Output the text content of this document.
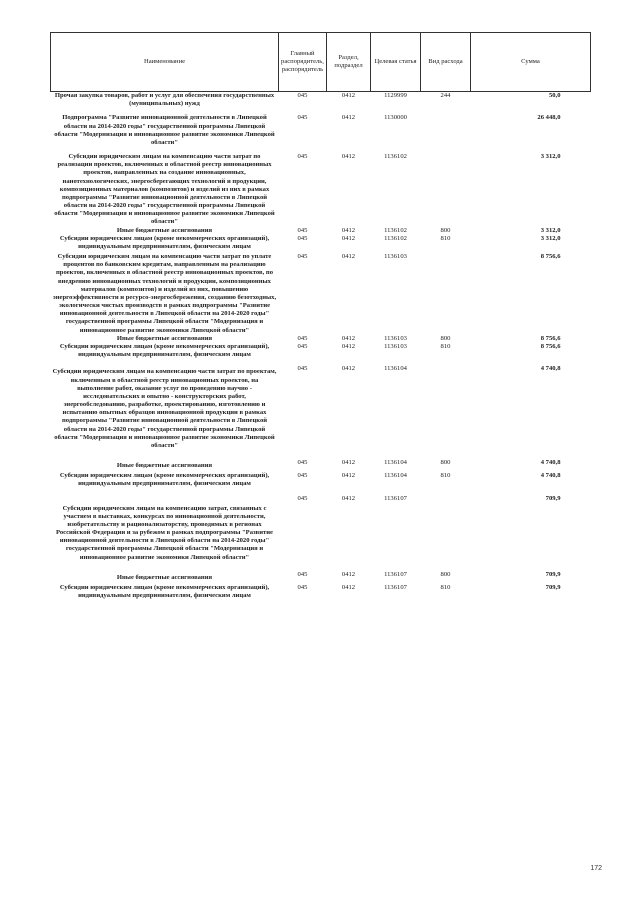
Наименование	Главный распорядитель, распорядитель	Раздел, подраздел	Целевая статья	Вид расхода	Сумма
Прочая закупка товаров, работ и услуг для обеспечения государственных (муниципальных) нужд	045	0412	1129999	244	50,0
Подпрограмма "Развитие инновационной деятельности в Липецкой области на 2014-2020 годы" государственной программы Липецкой области "Модернизация и инновационное развитие экономики Липецкой области"	045	0412	1130000		26 448,0
Субсидии юридическим лицам на компенсацию части затрат по реализации проектов, включенных в областной реестр инновационных проектов, направленных на создание инновационных, нанотехнологических, энергосберегающих технологий и продукции, композиционных материалов (композитов) и изделий из них в рамках подпрограммы "Развитие инновационной деятельности в Липецкой области на 2014-2020 годы" государственной программы Липецкой области "Модернизация и инновационное развитие экономики Липецкой области"	045	0412	1136102		3 312,0
Иные бюджетные ассигнования	045	0412	1136102	800	3 312,0
Субсидии юридическим лицам (кроме некоммерческих организаций), индивидуальным предпринимателям, физическим лицам	045	0412	1136102	810	3 312,0
Субсидии юридическим лицам на компенсацию части затрат по уплате процентов по банковским кредитам, направленным на реализацию проектов, включенных в областной реестр инновационных проектов, по внедрению инновационных технологий и продукции, композиционных материалов (композитов) и изделий из них, повышению энергоэффективности и ресурсо-энергосбережения, созданию безотходных, экологически чистых производств в рамках подпрограммы "Развитие инновационной деятельности в Липецкой области на 2014-2020 годы" государственной программы Липецкой области "Модернизация и инновационное развитие экономики Липецкой области"	045	0412	1136103		8 756,6
Иные бюджетные ассигнования	045	0412	1136103	800	8 756,6
Субсидии юридическим лицам (кроме некоммерческих организаций), индивидуальным предпринимателям, физическим лицам	045	0412	1136103	810	8 756,6
Субсидии юридическим лицам на компенсацию части затрат по проектам, включенным в областной реестр инновационных проектов, на выполнение работ, оказание услуг по проведению научно - исследовательских и опытно - конструкторских работ, энергообследованию, разработке, проектированию, изготовлению и испытанию опытных образцов инновационной продукции в рамках подпрограммы "Развитие инновационной деятельности в Липецкой области на 2014-2020 годы" государственной программы Липецкой области "Модернизация и инновационное развитие экономики Липецкой области"	045	0412	1136104		4 740,8
Иные бюджетные ассигнования	045	0412	1136104	800	4 740,8
Субсидии юридическим лицам (кроме некоммерческих организаций), индивидуальным предпринимателям, физическим лицам	045	0412	1136104	810	4 740,8
Субсидии юридическим лицам на компенсацию затрат, связанных с участием в выставках, конкурсах по инновационной деятельности, изобретательству и рационализаторству, проводимых в регионах Российской Федерации и за рубежом в рамках подпрограммы "Развитие инновационной деятельности в Липецкой области на 2014-2020 годы" государственной программы Липецкой области "Модернизация и инновационное развитие экономики Липецкой области"	045	0412	1136107		709,9
Иные бюджетные ассигнования	045	0412	1136107	800	709,9
Субсидии юридическим лицам (кроме некоммерческих организаций), индивидуальным предпринимателям, физическим лицам	045	0412	1136107	810	709,9
172
